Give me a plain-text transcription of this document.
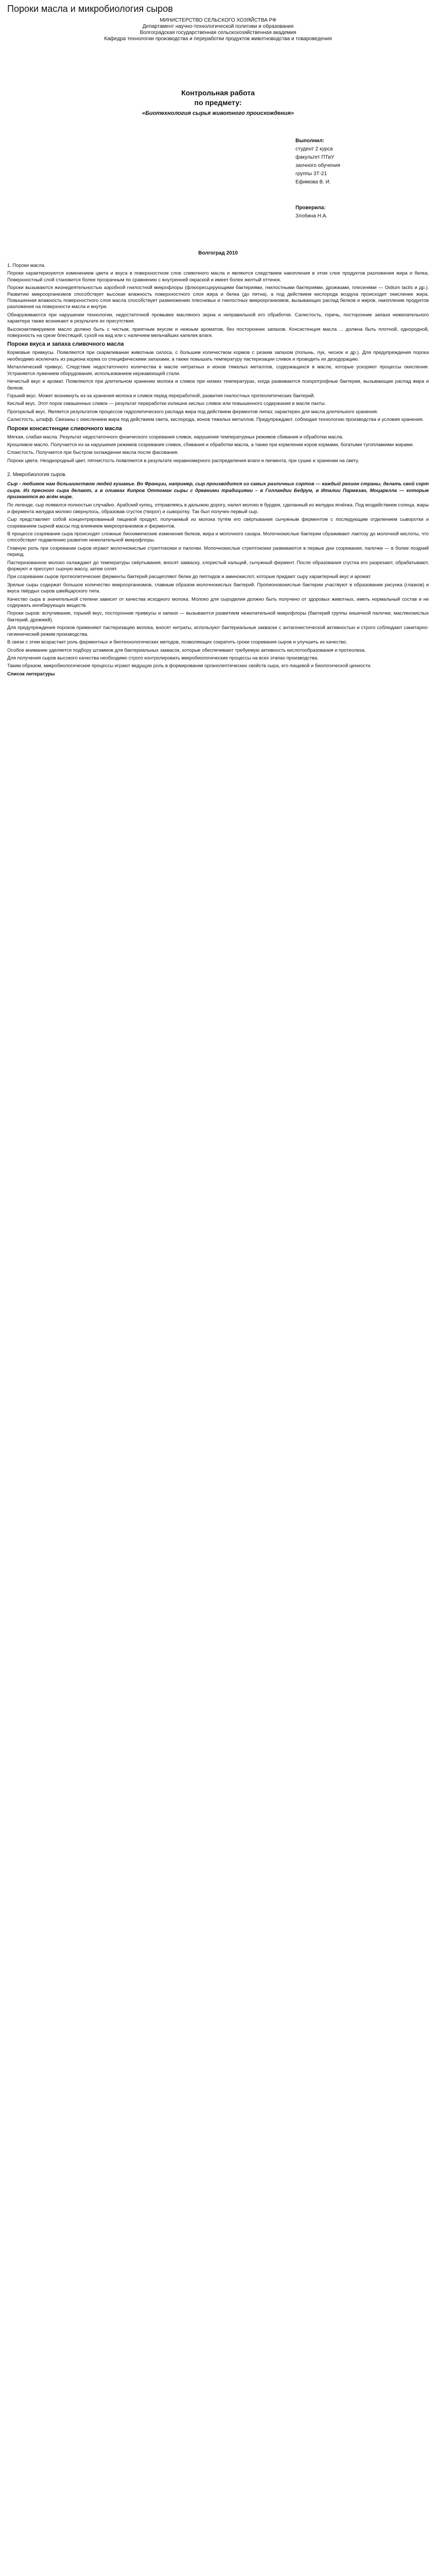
Пороки масла и микробиология сыров

МИНИСТЕРСТВО СЕЛЬСКОГО ХОЗЯЙСТВА РФ

Департамент научно-технологической политики и образования

Волгоградская государственная сельскохозяйственная академия

Кафедра технологии производства и переработки продуктов животноводства и товароведения

Контрольная работа
по предмету:
«Биотехнология сырья животного происхождения»
Выполнил:
студент 2 курса
факультет ПТиУ
заочного обучения
группы 3Т-21
Ефимова В. И.
Проверила:
Злобина Н.А.
Волгоград 2010

1. Пороки масла.

Пороки характеризуются изменением цвета и вкуса в поверхностном слое сливочного масла и являются следствием накопления в этом слое продуктов разложения жира и белка. Поверхностный слой становится более прозрачным по сравнению с внутренней окраской и имеет более желтый оттенок.

Пороки вызываются жизнедеятельностью аэробной гнилостной микрофлоры (флюоресцирующими бактериями, гнилостными бактериями, дрожжами, плесенями — Oidium lactis и др.). Развитию микроорганизмов способствует высокая влажность поверхностного слоя жира и белка (до пятна), а под действием кислорода воздуха происходит окисление жира. Повышенная влажность поверхностного слоя масла способствует размножению плесневых и гнилостных микроорганизмов, вызывающих распад белков и жиров, накопление продуктов разложения на поверхности масла и внутри.

Обнаруживаются при нарушении технологии, недостаточной промывке масляного зерна и неправильной его обработке. Салистость, горечь, посторонние запахи нежелательного характера также возникают в результате их присутствия.

Высокоактивируемое масло должно быть с чистым, приятным вкусом и нежным ароматом, без посторонних запахов. Консистенция масла ... должна быть плотной, однородной, поверхность на срезе блестящей, сухой на вид или с наличием мельчайших капелек влаги.

Пороки вкуса и запаха сливочного масла

Кормовые привкусы. Появляются при скармливании животным силоса, с большим количеством кормов с резким запахом (полынь, лук, чеснок и др.). Для предупреждения порока необходимо исключать из рациона корма со специфическими запахами, а также повышать температуру пастеризации сливок и проводить их дезодорацию.

Металлический привкус. Следствие недостаточного количества в масле нитратных и ионов тяжелых металлов, содержащихся в масле, которые ускоряют процессы окисления. Устраняется лужением оборудования, использованием нержавеющей стали.

Нечистый вкус и аромат. Появляются при длительном хранении молока и сливок при низких температурах, когда развиваются психротрофные бактерии, вызывающие распад жира и белков.

Горький вкус. Может возникнуть из-за хранения молока и сливок перед переработкой, развития гнилостных протеолитических бактерий.

Кислый вкус. Этот порок сквашенных сливок — результат переработки излишне кислых сливок или повышенного содержания в масле пахты.

Прогорклый вкус. Является результатом процессов гидролитического распада жира под действием ферментов липаз; характерен для масла длительного хранения.

Салистость, штафф. Связаны с окислением жира под действием света, кислорода, ионов тяжелых металлов. Предупреждают, соблюдая технологию производства и условия хранения.

Пороки консистенции сливочного масла

Мягкая, слабая масла. Результат недостаточного физического созревания сливок, нарушения температурных режимов сбивания и обработки масла.

Крошливое масло. Получается из-за нарушения режимов созревания сливок, сбивания и обработки масла, а также при кормлении коров кормами, богатыми тугоплавкими жирами.

Слоистость. Получается при быстром охлаждении масла после фасования.

Пороки цвета. Неоднородный цвет, пятнистость появляются в результате неравномерного распределения влаги и пигмента, при сушке и хранении на свету.

2. Микробиология сыров.

Сыр - любимое нам большинством людей кушанье. Во Франции, например, сыр производится из самых различных сортов — каждый регион страны, делать свой сорт сыра. Из пресного сыра делают, а в оливках Кипров Оттоман сыры с древними традициями – в Голландии Бедрум, в Италии Пармезан, Моцарелла — которые признаются во всём мире.

По легенде, сыр появился полностью случайно. Арабский купец, отправляясь в дальнюю дорогу, налил молоко в бурдюк, сделанный из желудка ягнёнка. Под воздействием солнца, жары и фермента желудка молоко свернулось, образовав сгусток (творог) и сыворотку. Так был получен первый сыр.

Сыр представляет собой концентрированный пищевой продукт, получаемый из молока путём его свёртывания сычужным ферментом с последующим отделением сыворотки и созреванием сырной массы под влиянием микроорганизмов и ферментов.

В процессе созревания сыра происходят сложные биохимические изменения белков, жира и молочного сахара. Молочнокислые бактерии сбраживают лактозу до молочной кислоты, что способствует подавлению развития нежелательной микрофлоры.

Главную роль при созревании сыров играют молочнокислые стрептококки и палочки. Молочнокислые стрептококки развиваются в первые дни созревания, палочки — в более поздний период.

Пастеризованное молоко охлаждают до температуры свёртывания, вносят закваску, хлористый кальций, сычужный фермент. После образования сгустка его разрезают, обрабатывают, формуют и прессуют сырную массу, затем солят.

При созревании сыров протеолитические ферменты бактерий расщепляют белки до пептидов и аминокислот, которые придают сыру характерный вкус и аромат.

Зрелые сыры содержат большое количество микроорганизмов, главным образом молочнокислых бактерий. Пропионовокислые бактерии участвуют в образовании рисунка (глазков) и вкуса твёрдых сыров швейцарского типа.

Качество сыра в значительной степени зависит от качества исходного молока. Молоко для сыроделия должно быть получено от здоровых животных, иметь нормальный состав и не содержать ингибирующих веществ.

Пороки сыров: вспучивание, горький вкус, посторонние привкусы и запахи — вызываются развитием нежелательной микрофлоры (бактерий группы кишечной палочки, маслянокислых бактерий, дрожжей).

Для предупреждения пороков применяют пастеризацию молока, вносят нитраты, используют бактериальные закваски с антагонистической активностью и строго соблюдают санитарно-гигиенический режим производства.

В связи с этим возрастает роль ферментных и биотехнологических методов, позволяющих сократить сроки созревания сыров и улучшить их качество.

Особое внимание уделяется подбору штаммов для бактериальных заквасок, которые обеспечивают требуемую активность кислотообразования и протеолиза.

Для получения сыров высокого качества необходимо строго контролировать микробиологические процессы на всех этапах производства.

Таким образом, микробиологические процессы играют ведущую роль в формировании органолептических свойств сыра, его пищевой и биологической ценности.

Список литературы
